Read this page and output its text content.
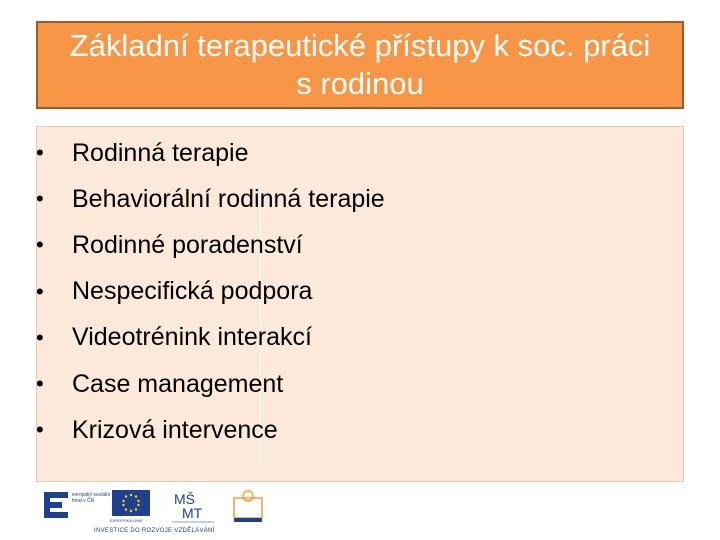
Základní terapeutické přístupy k soc. práci s rodinou
•	Rodinná terapie
•	Behaviorální rodinná terapie
•	Rodinné poradenství
•	Nespecifická podpora
•	Videotrénink interakcí
•	Case management
•	Krizová intervence
evropský sociální fond v ČR
EVROPSKÁ UNIE
MŠ
MT
INVESTICE DO ROZVOJE VZDĚLÁVÁNÍ
